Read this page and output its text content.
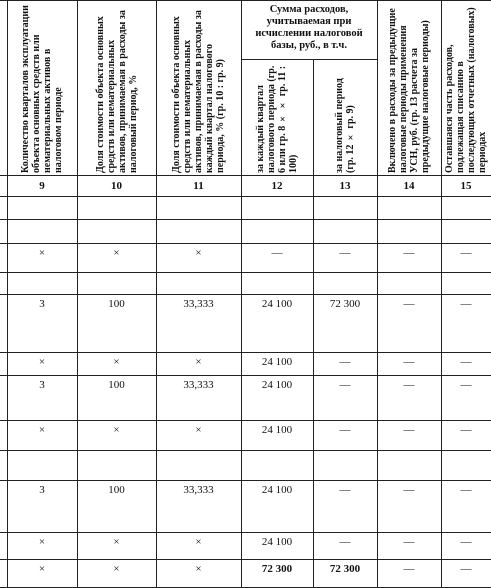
	Количество кварталов эксплуатации объекта основных средств или нематериальных активов в налоговом периоде	Доля стоимости объекта основных средств или нематериальных активов, принимаемая в расходы за налоговый период, %	Доля стоимости объекта основных средств или нематериальных активов, принимаемая в расходы за каждый квартал налогового периода, % (гр. 10 : гр. 9)	Сумма расходов, учитываемая при исчислении налоговой базы, руб., в т.ч.		Включено в расходы за предыдущие налоговые периоды применения УСН, руб. (гр. 13 расчета за предыдущие налоговые периоды)	Оставшаяся часть расходов, подлежащая списанию в последующих отчетных (налоговых) периодах

				за каждый квартал налогового периода (гр. 6 или гр. 8 × × гр. 11 : 100)	за налоговый период (гр. 12 × гр. 9)		

	9	10	11	12	13	14	15

	×	×	×	—	—	—	—

	3	100	33,333	24 100	72 300	—	—
	×	×	×	24 100	—	—	—
	3	100	33,333	24 100	—	—	—
	×	×	×	24 100	—	—	—

	3	100	33,333	24 100	—	—	—
	×	×	×	24 100	—	—	—
	×	×	×	72 300	72 300	—	—
